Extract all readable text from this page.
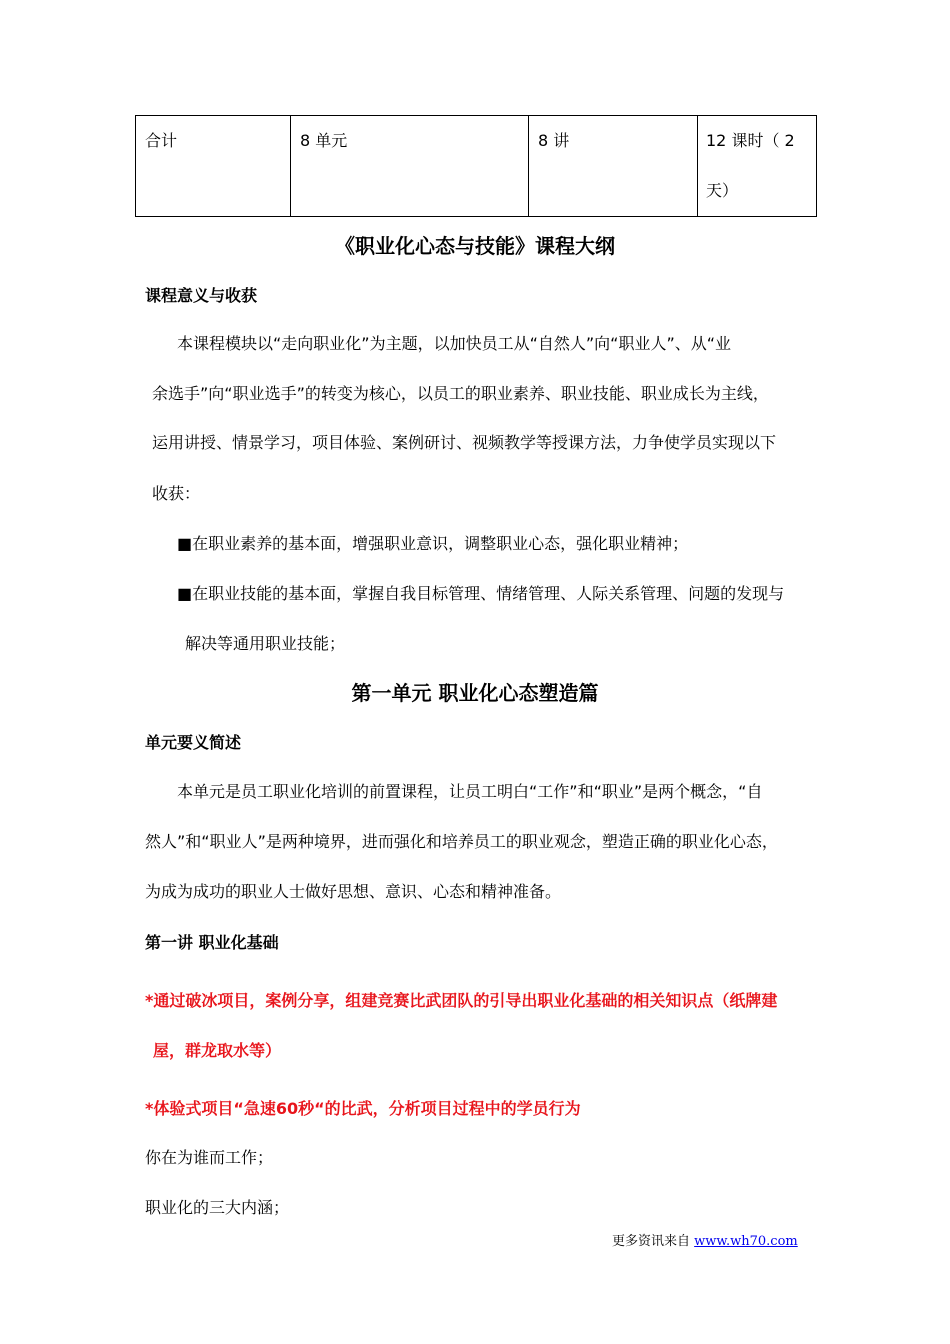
合计	8 单元	8 讲	12 课时（ 2
天）
《职业化心态与技能》课程大纲
课程意义与收获
本课程模块以“走向职业化”为主题，以加快员工从“自然人”向“职业人”、从“业
余选手”向“职业选手”的转变为核心，以员工的职业素养、职业技能、职业成长为主线，
运用讲授、情景学习，项目体验、案例研讨、视频教学等授课方法，力争使学员实现以下
收获：
■在职业素养的基本面，增强职业意识，调整职业心态，强化职业精神；
■在职业技能的基本面，掌握自我目标管理、情绪管理、人际关系管理、问题的发现与
解决等通用职业技能；
第一单元 职业化心态塑造篇
单元要义简述
本单元是员工职业化培训的前置课程，让员工明白“工作”和“职业”是两个概念，“自
然人”和“职业人”是两种境界，进而强化和培养员工的职业观念，塑造正确的职业化心态，
为成为成功的职业人士做好思想、意识、心态和精神准备。
第一讲 职业化基础
*通过破冰项目，案例分享，组建竞赛比武团队的引导出职业化基础的相关知识点（纸牌建
屋，群龙取水等）
*体验式项目“急速60秒“的比武，分析项目过程中的学员行为
你在为谁而工作；
职业化的三大内涵；
更多资讯来自 www.wh70.com
